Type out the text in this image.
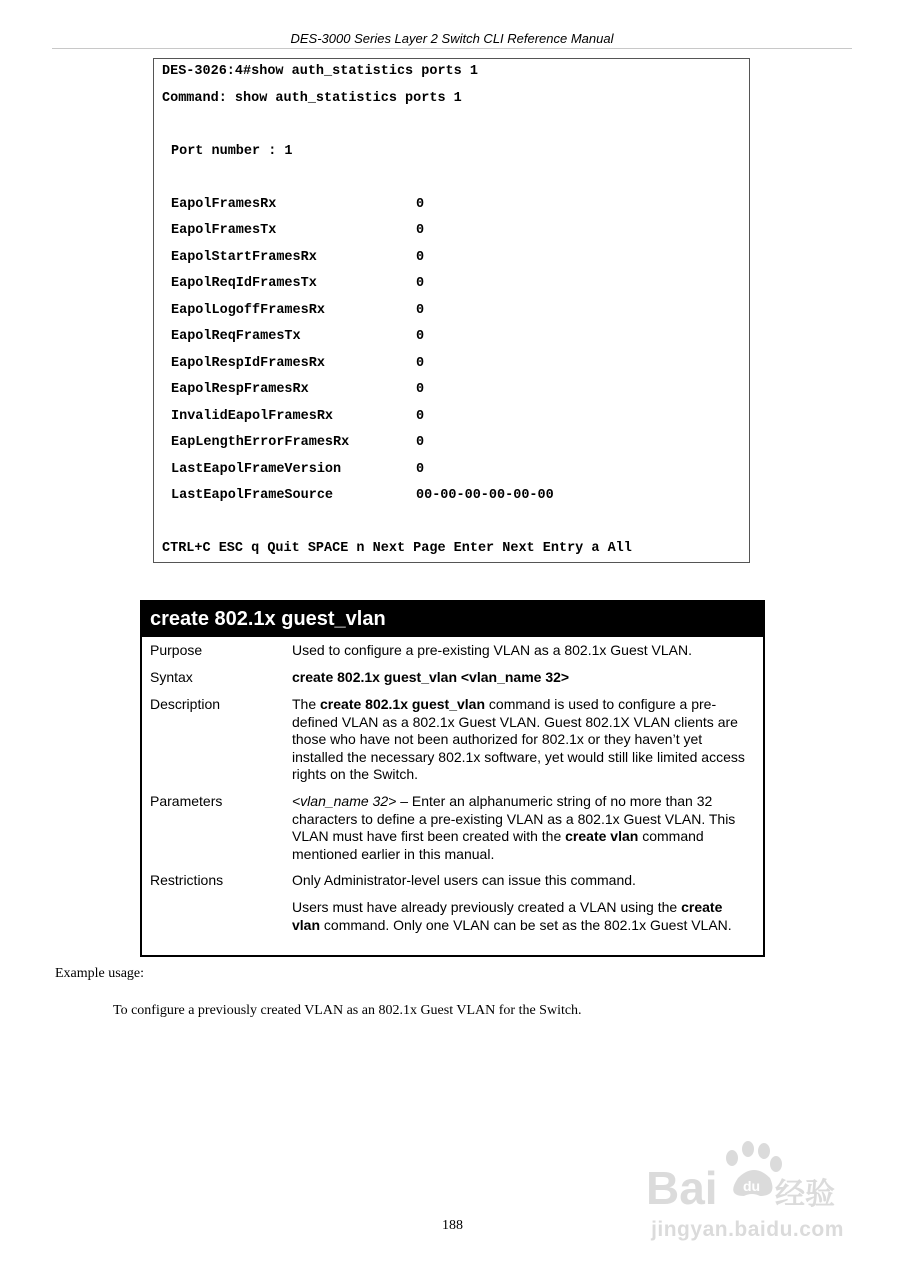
DES-3000 Series Layer 2 Switch CLI Reference Manual
DES-3026:4#show auth_statistics ports 1
Command: show auth_statistics ports 1
Port number : 1
EapolFramesRx	0
EapolFramesTx	0
EapolStartFramesRx	0
EapolReqIdFramesTx	0
EapolLogoffFramesRx	0
EapolReqFramesTx	0
EapolRespIdFramesRx	0
EapolRespFramesRx	0
InvalidEapolFramesRx	0
EapLengthErrorFramesRx	0
LastEapolFrameVersion	0
LastEapolFrameSource	00-00-00-00-00-00
CTRL+C ESC q Quit SPACE n Next Page Enter Next Entry a All
create 802.1x guest_vlan
Purpose	Used to configure a pre-existing VLAN as a 802.1x Guest VLAN.
Syntax	create 802.1x guest_vlan <vlan_name 32>
Description	The create 802.1x guest_vlan command is used to configure a pre-defined VLAN as a 802.1x Guest VLAN. Guest 802.1X VLAN clients are those who have not been authorized for 802.1x or they haven’t yet installed the necessary 802.1x software, yet would still like limited access rights on the Switch.
Parameters	<vlan_name 32> – Enter an alphanumeric string of no more than 32 characters to define a pre-existing VLAN as a 802.1x Guest VLAN. This VLAN must have first been created with the create vlan command mentioned earlier in this manual.
Restrictions	Only Administrator-level users can issue this command.
Users must have already previously created a VLAN using the create vlan command. Only one VLAN can be set as the 802.1x Guest VLAN.
Example usage:
To configure a previously created VLAN as an 802.1x Guest VLAN for the Switch.
188
Bai 经验
du
jingyan.baidu.com
